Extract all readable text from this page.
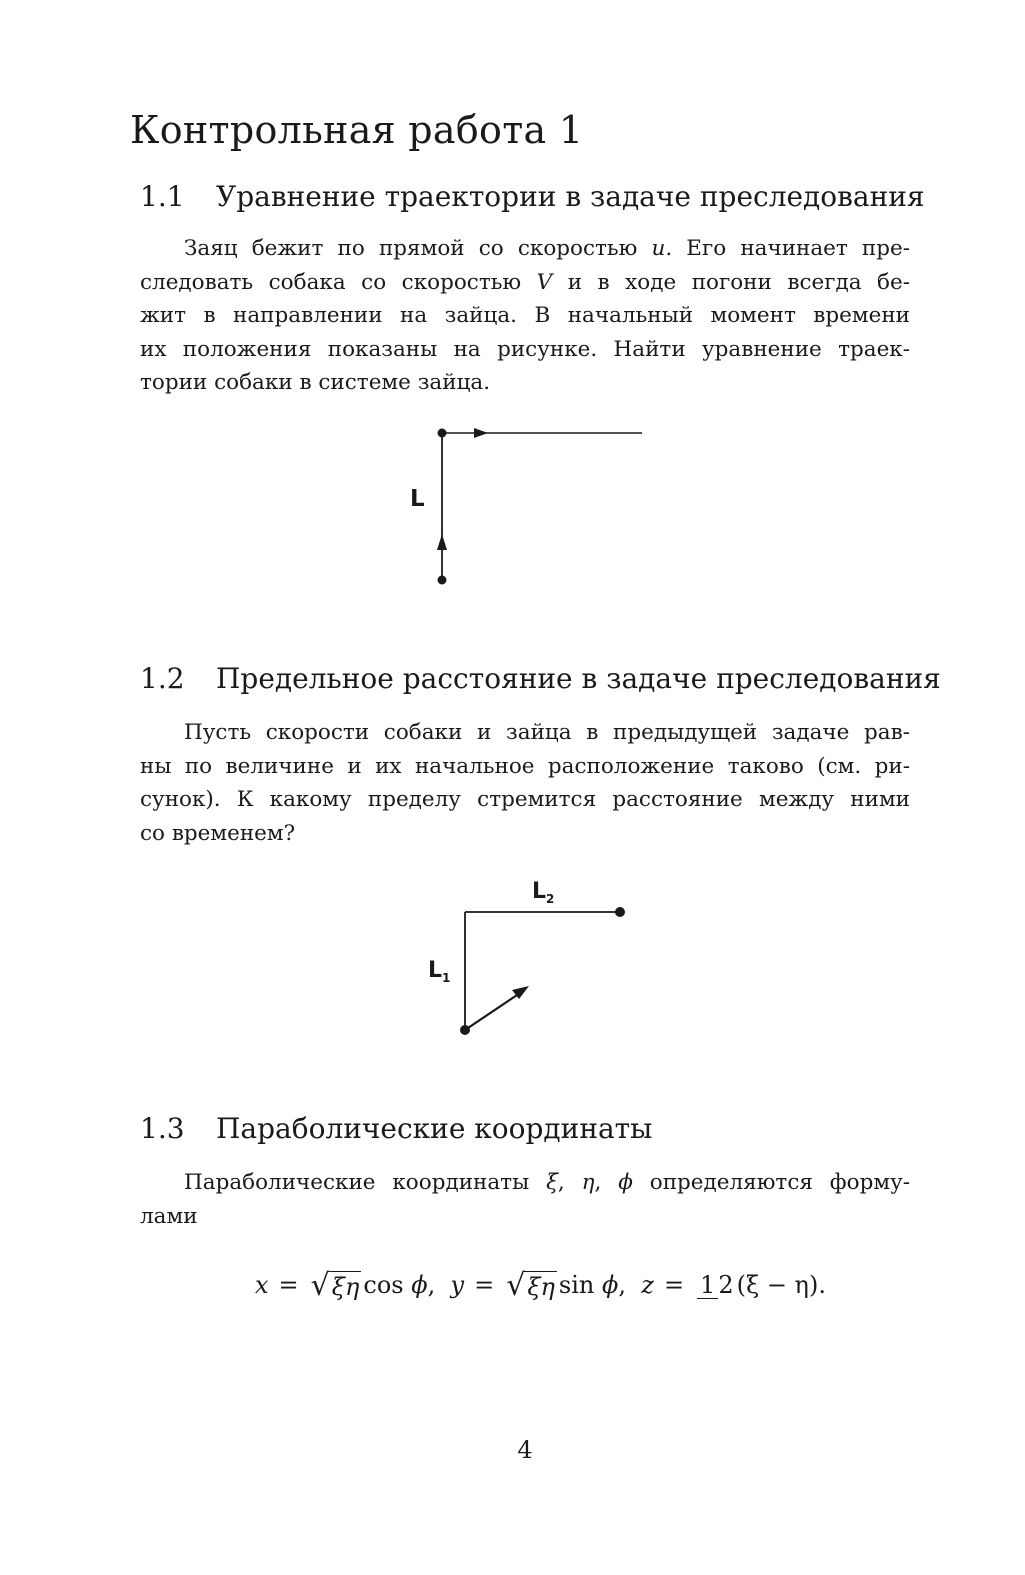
Контрольная работа 1
1.1 Уравнение траектории в задаче преследования

Заяц бежит по прямой со скоростью u. Его начинает пре-
следовать собака со скоростью V и в ходе погони всегда бе-
жит в направлении на зайца. В начальный момент времени
их положения показаны на рисунке. Найти уравнение траек-
тории собаки в системе зайца.

L
1.2 Предельное расстояние в задаче преследования

Пусть скорости собаки и зайца в предыдущей задаче рав-
ны по величине и их начальное расположение таково (см. ри-
сунок). К какому пределу стремится расстояние между ними
со временем?

$L_2$
$L_1$
1.3 Параболические координаты

Параболические координаты ξ, η, ϕ определяются форму-
лами

x = √ξη cos
ϕ ,
y = √ξη sin
ϕ ,
z = 1 2 (ξ − η) .
4
